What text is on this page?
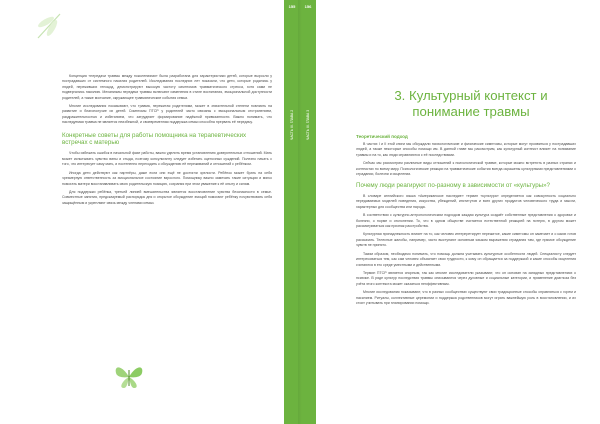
155
ЧАСТЬ III. ГЛАВА 2

Концепция «передачи травмы между поколениями» была разработана для характеристики детей, которые выросли у пострадавших от системного насилия родителей. Исследования последних лет показали, что дети, которые родились у людей, переживших геноцид, демонстрируют высокую частоту симптомов травматического стресса, хотя сами не подвергались насилию. Механизмы передачи травмы включают изменения в стиле воспитания, эмоциональной доступности родителей, а также молчание, окружающее травматические события семьи.

Многие исследования показывают, что травма, пережитая родителями, может в значительной степени повлиять на развитие и благополучие их детей. Симптомы ПТСР у родителей часто связаны с эмоциональным отстранением, раздражительностью и избеганием, что затрудняет формирование надёжной привязанности. Важно понимать, что наследуемая травма не является неизбежной, и своевременная поддержка семьи способна прервать её передачу.

Конкретные советы для работы помощника на терапевтических встречах с матерью

Чтобы избежать ошибок в начальной фазе работы, важно уделить время установлению доверительных отношений. Мать может испытывать чувство вины и стыда, поэтому консультанту следует избегать оценочных суждений. Полезно начать с того, что интересует саму мать, и постепенно переходить к обсуждению её переживаний и отношений с ребёнком.

Иногда дети действуют как партнёры, даже если они ещё не достигли зрелости. Ребёнок может брать на себя чрезмерную ответственность за эмоциональное состояние взрослого. Помощнику важно замечать такие ситуации и мягко помогать матери восстанавливать свою родительскую позицию, сохраняя при этом уважение к её опыту и силам.

Для поддержки ребёнка, третьей линией вмешательства является восстановление чувства безопасности в семье. Совместные занятия, предсказуемый распорядок дня и открытое обсуждение эмоций помогают ребёнку почувствовать себя защищённым и укрепляют связь между членами семьи.

156
ЧАСТЬ III. ГЛАВА 3
3. Культурный контекст и понимание травмы
Теоретический подход

В частях I и II этой книги мы обсуждали психологические и физические симптомы, которые могут проявиться у пострадавших людей, а также некоторые способы помощи им. В данной главе мы рассмотрим, как культурный контекст влияет на понимание травмы и на то, как люди справляются с её последствиями.

Сейчас мы рассмотрим различные виды отношений к психологической травме, которые можно встретить в разных странах и контекстах по всему миру. Психологические реакции на травматические события всегда окрашены культурными представлениями о страдании, болезни и исцелении.

Почему люди реагируют по-разному в зависимости от «культуры»?

В словаре английского языка «Американское наследие» термин «культура» определяется как совокупность социально передаваемых моделей поведения, искусства, убеждений, институтов и всех других продуктов человеческого труда и мысли, характерных для сообщества или народа.

В соответствии с культурно-антропологическим подходом каждая культура создаёт собственные представления о здоровье и болезни, о норме и отклонении. То, что в одном обществе считается естественной реакцией на потерю, в другом может рассматриваться как признак расстройства.

Культурная принадлежность влияет на то, как человек интерпретирует пережитое, какие симптомы он замечает и о каких готов рассказать. Телесные жалобы, например, часто выступают основным языком выражения страдания там, где прямое обсуждение чувств не принято.

Таким образом, необходимо понимать, что помощь должна учитывать культурные особенности людей. Специалисту следует интересоваться тем, как сам человек объясняет свои трудности, к кому он обращается за поддержкой и какие способы исцеления считаются в его среде уместными и действенными.

Термин ПТСР является спорным, так как многие исследователи указывают, что он основан на западных представлениях о психике. В ряде культур последствия травмы описываются через духовные и социальные категории, и применение диагноза без учёта этого контекста может оказаться неэффективным.

Многие исследования показывают, что в разных сообществах существуют свои традиционные способы справляться с горем и насилием. Ритуалы, коллективные церемонии и поддержка родственников могут играть важнейшую роль в восстановлении, и их стоит учитывать при планировании помощи.
